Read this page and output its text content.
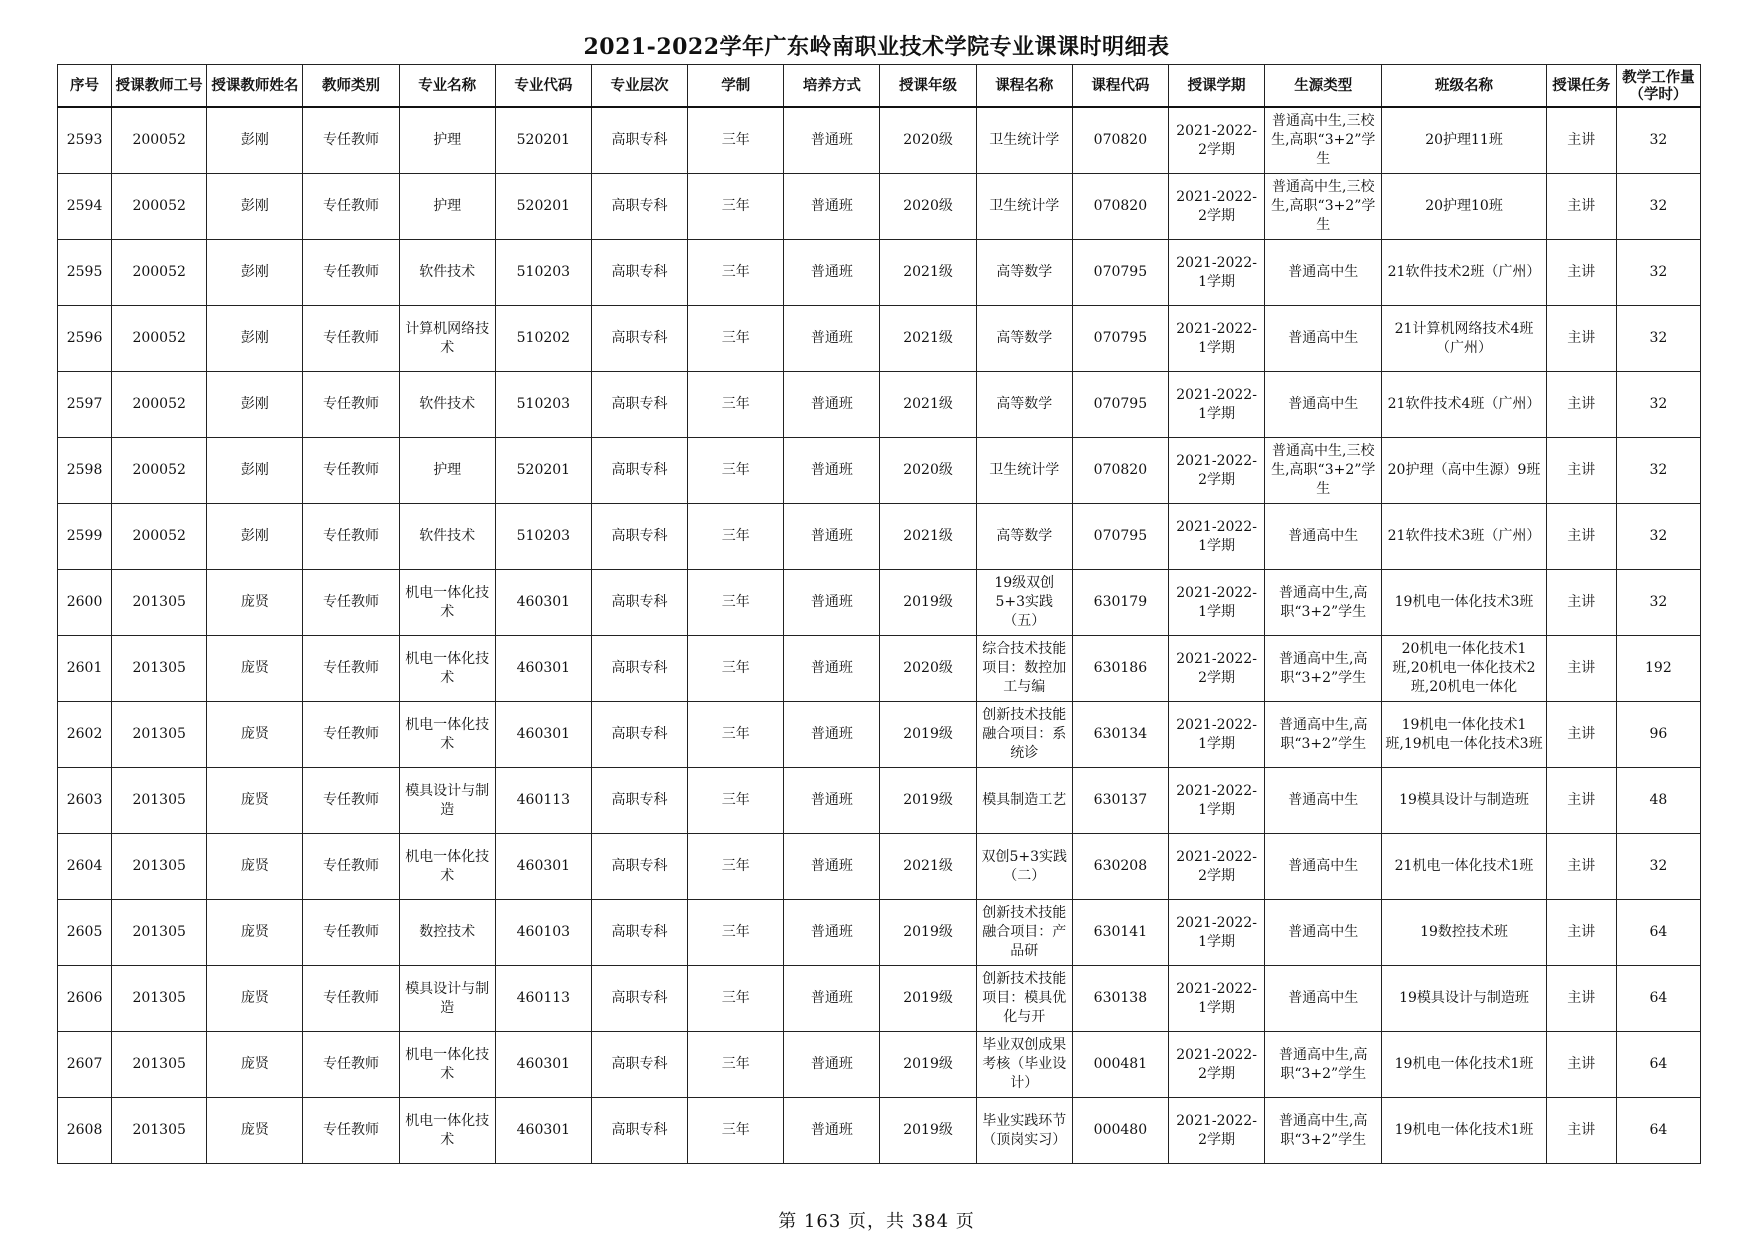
2021-2022学年广东岭南职业技术学院专业课课时明细表
序号	授课教师工号	授课教师姓名	教师类别	专业名称	专业代码	专业层次	学制	培养方式	授课年级	课程名称	课程代码	授课学期	生源类型	班级名称	授课任务	教学工作量（学时）

2593	200052	彭刚	专任教师	护理	520201	高职专科	三年	普通班	2020级	卫生统计学	070820	2021-2022-2学期	普通高中生,三校生,高职“3+2”学生	20护理11班	主讲	32

2594	200052	彭刚	专任教师	护理	520201	高职专科	三年	普通班	2020级	卫生统计学	070820	2021-2022-2学期	普通高中生,三校生,高职“3+2”学生	20护理10班	主讲	32

2595	200052	彭刚	专任教师	软件技术	510203	高职专科	三年	普通班	2021级	高等数学	070795	2021-2022-1学期	普通高中生	21软件技术2班（广州）	主讲	32

2596	200052	彭刚	专任教师	计算机网络技术	510202	高职专科	三年	普通班	2021级	高等数学	070795	2021-2022-1学期	普通高中生	21计算机网络技术4班（广州）	主讲	32

2597	200052	彭刚	专任教师	软件技术	510203	高职专科	三年	普通班	2021级	高等数学	070795	2021-2022-1学期	普通高中生	21软件技术4班（广州）	主讲	32

2598	200052	彭刚	专任教师	护理	520201	高职专科	三年	普通班	2020级	卫生统计学	070820	2021-2022-2学期	普通高中生,三校生,高职“3+2”学生	20护理（高中生源）9班	主讲	32

2599	200052	彭刚	专任教师	软件技术	510203	高职专科	三年	普通班	2021级	高等数学	070795	2021-2022-1学期	普通高中生	21软件技术3班（广州）	主讲	32

2600	201305	庞贤	专任教师	机电一体化技术	460301	高职专科	三年	普通班	2019级	19级双创5+3实践（五）	630179	2021-2022-1学期	普通高中生,高职“3+2”学生	19机电一体化技术3班	主讲	32

2601	201305	庞贤	专任教师	机电一体化技术	460301	高职专科	三年	普通班	2020级	综合技术技能项目：数控加工与编	630186	2021-2022-2学期	普通高中生,高职“3+2”学生	20机电一体化技术1班,20机电一体化技术2班,20机电一体化	主讲	192

2602	201305	庞贤	专任教师	机电一体化技术	460301	高职专科	三年	普通班	2019级	创新技术技能融合项目：系统诊	630134	2021-2022-1学期	普通高中生,高职“3+2”学生	19机电一体化技术1班,19机电一体化技术3班	主讲	96

2603	201305	庞贤	专任教师	模具设计与制造	460113	高职专科	三年	普通班	2019级	模具制造工艺	630137	2021-2022-1学期	普通高中生	19模具设计与制造班	主讲	48

2604	201305	庞贤	专任教师	机电一体化技术	460301	高职专科	三年	普通班	2021级	双创5+3实践（二）	630208	2021-2022-2学期	普通高中生	21机电一体化技术1班	主讲	32

2605	201305	庞贤	专任教师	数控技术	460103	高职专科	三年	普通班	2019级	创新技术技能融合项目：产品研	630141	2021-2022-1学期	普通高中生	19数控技术班	主讲	64

2606	201305	庞贤	专任教师	模具设计与制造	460113	高职专科	三年	普通班	2019级	创新技术技能项目：模具优化与开	630138	2021-2022-1学期	普通高中生	19模具设计与制造班	主讲	64

2607	201305	庞贤	专任教师	机电一体化技术	460301	高职专科	三年	普通班	2019级	毕业双创成果考核（毕业设计）	000481	2021-2022-2学期	普通高中生,高职“3+2”学生	19机电一体化技术1班	主讲	64

2608	201305	庞贤	专任教师	机电一体化技术	460301	高职专科	三年	普通班	2019级	毕业实践环节（顶岗实习）	000480	2021-2022-2学期	普通高中生,高职“3+2”学生	19机电一体化技术1班	主讲	64
第 163 页，共 384 页
